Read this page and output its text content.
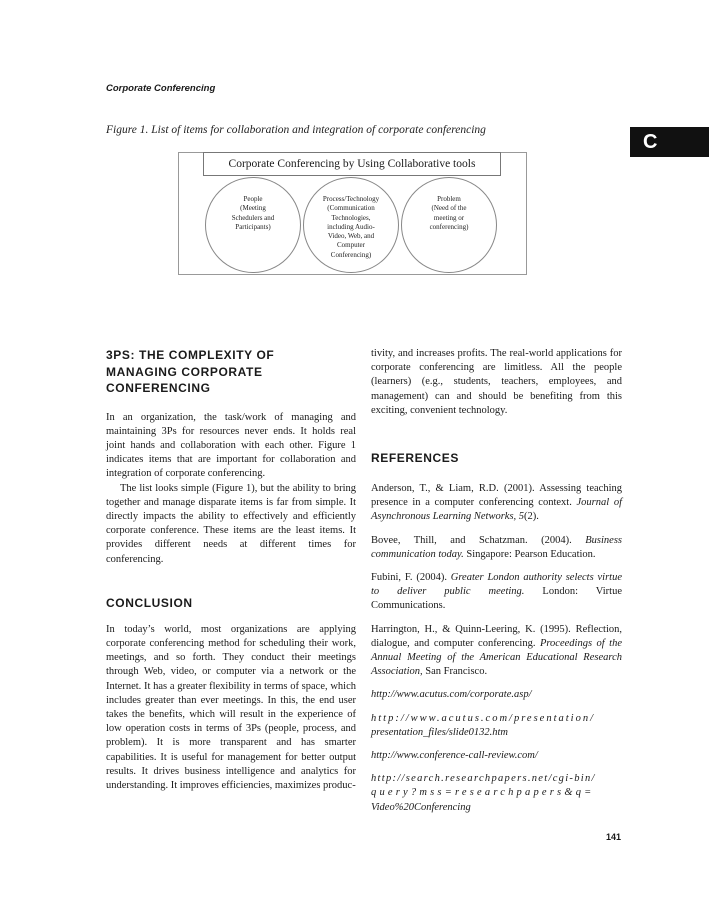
Corporate Conferencing
C
Figure 1. List of items for collaboration and integration of corporate conferencing
Corporate Conferencing by Using Collaborative tools
People
(Meeting
Schedulers and
Participants)
Process/Technology
(Communication
Technologies,
including Audio-
Video, Web, and
Computer
Conferencing)
Problem
(Need of the
meeting or
conferencing)
3PS: THE COMPLEXITY OF MANAGING CORPORATE CONFERENCING

In an organization, the task/work of managing and maintaining 3Ps for resources never ends. It holds real joint hands and collaboration with each other. Figure 1 indicates items that are important for collaboration and integration of corporate conferencing.

The list looks simple (Figure 1), but the ability to bring together and manage disparate items is far from simple. It directly impacts the ability to effectively and efficiently corporate conference. These items are the least items. It provides different needs at different times for conferencing.

CONCLUSION

In today’s world, most organizations are applying corporate conferencing method for scheduling their work, meetings, and so forth. They conduct their meetings through Web, video, or computer via a network or the Internet. It has a greater flexibility in terms of space, which includes greater than ever meetings. In this, the end user takes the benefits, which will result in the experience of low operation costs in terms of 3Ps (people, process, and problem). It is more transparent and has smarter capabilities. It is useful for management for better output results. It drives business intelligence and analytics for understanding. It improves efficiencies, maximizes produc-

tivity, and increases profits. The real-world applications for corporate conferencing are limitless. All the people (learners) (e.g., students, teachers, employees, and management) can and should be benefiting from this exciting, convenient technology.

REFERENCES

Anderson, T., & Liam, R.D. (2001). Assessing teaching presence in a computer conferencing context. Journal of Asynchronous Learning Networks, 5(2).

Bovee, Thill, and Schatzman. (2004). Business communication today. Singapore: Pearson Education.

Fubini, F. (2004). Greater London authority selects virtue to deliver public meeting. London: Virtue Communications.

Harrington, H., & Quinn-Leering, K. (1995). Reflection, dialogue, and computer conferencing. Proceedings of the Annual Meeting of the American Educational Research Association, San Francisco.

http://www.acutus.com/corporate.asp/

http://www.acutus.com/presentation/
presentation_files/slide0132.htm

http://www.conference-call-review.com/

http://search.researchpapers.net/cgi-bin/
query?mss=researchpapers&q=
Video%20Conferencing

141
